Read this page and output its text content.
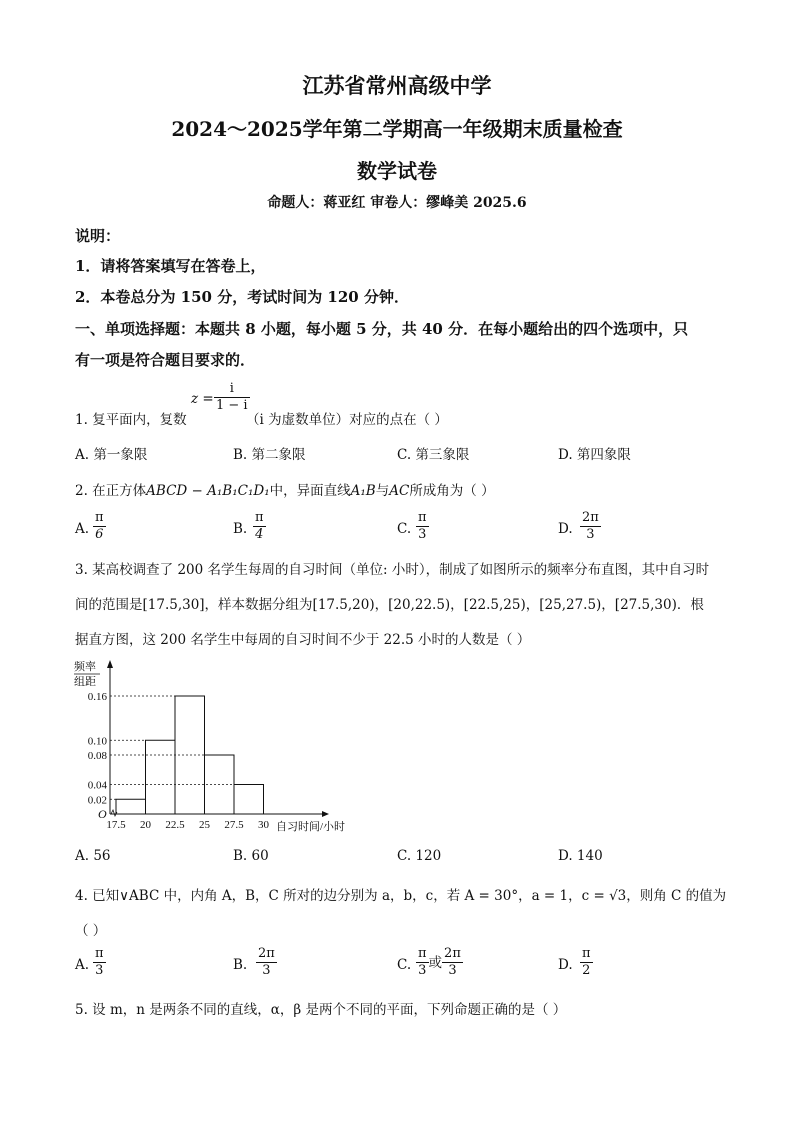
江苏省常州高级中学
2024～2025学年第二学期高一年级期末质量检查
数学试卷
命题人：蒋亚红 审卷人：缪峰美 2025.6
说明：
1．请将答案填写在答卷上，
2．本卷总分为 150 分，考试时间为 120 分钟．
一、单项选择题：本题共 8 小题，每小题 5 分，共 40 分．在每小题给出的四个选项中，只
有一项是符合题目要求的．
1. 复平面内，复数
$z = \frac{i}{1 - i}$
（i 为虚数单位）对应的点在（ ）
A. 第一象限	B. 第二象限	C. 第三象限	D. 第四象限
2. 在正方体ABCD − A₁B₁C₁D₁中，异面直线A₁B与AC所成角为（ ）
A. $\frac{\pi}{6}$	B. $\frac{\pi}{4}$	C. $\frac{\pi}{3}$	D. $\frac{2\pi}{3}$
3. 某高校调查了 200 名学生每周的自习时间（单位: 小时），制成了如图所示的频率分布直图，其中自习时
间的范围是[17.5,30]，样本数据分组为[17.5,20)，[20,22.5)，[22.5,25)，[25,27.5)，[27.5,30)．根
据直方图，这 200 名学生中每周的自习时间不少于 22.5 小时的人数是（ ）
频率
组距
0.02
0.04
0.08
0.10
0.16
O
17.5 20 22.5 25 27.5 30 自习时间/小时
A. 56	B. 60	C. 120	D. 140
4. 已知∨ABC 中，内角 A，B，C 所对的边分别为 a，b，c，若 A = 30°，a = 1，c = √3，则角 C 的值为
（ ）
A. $\frac{\pi}{3}$	B. $\frac{2\pi}{3}$	C. $\frac{\pi}{3}$ 或 $\frac{2\pi}{3}$	D. $\frac{\pi}{2}$
5. 设 m，n 是两条不同的直线，α，β 是两个不同的平面，下列命题正确的是（ ）
